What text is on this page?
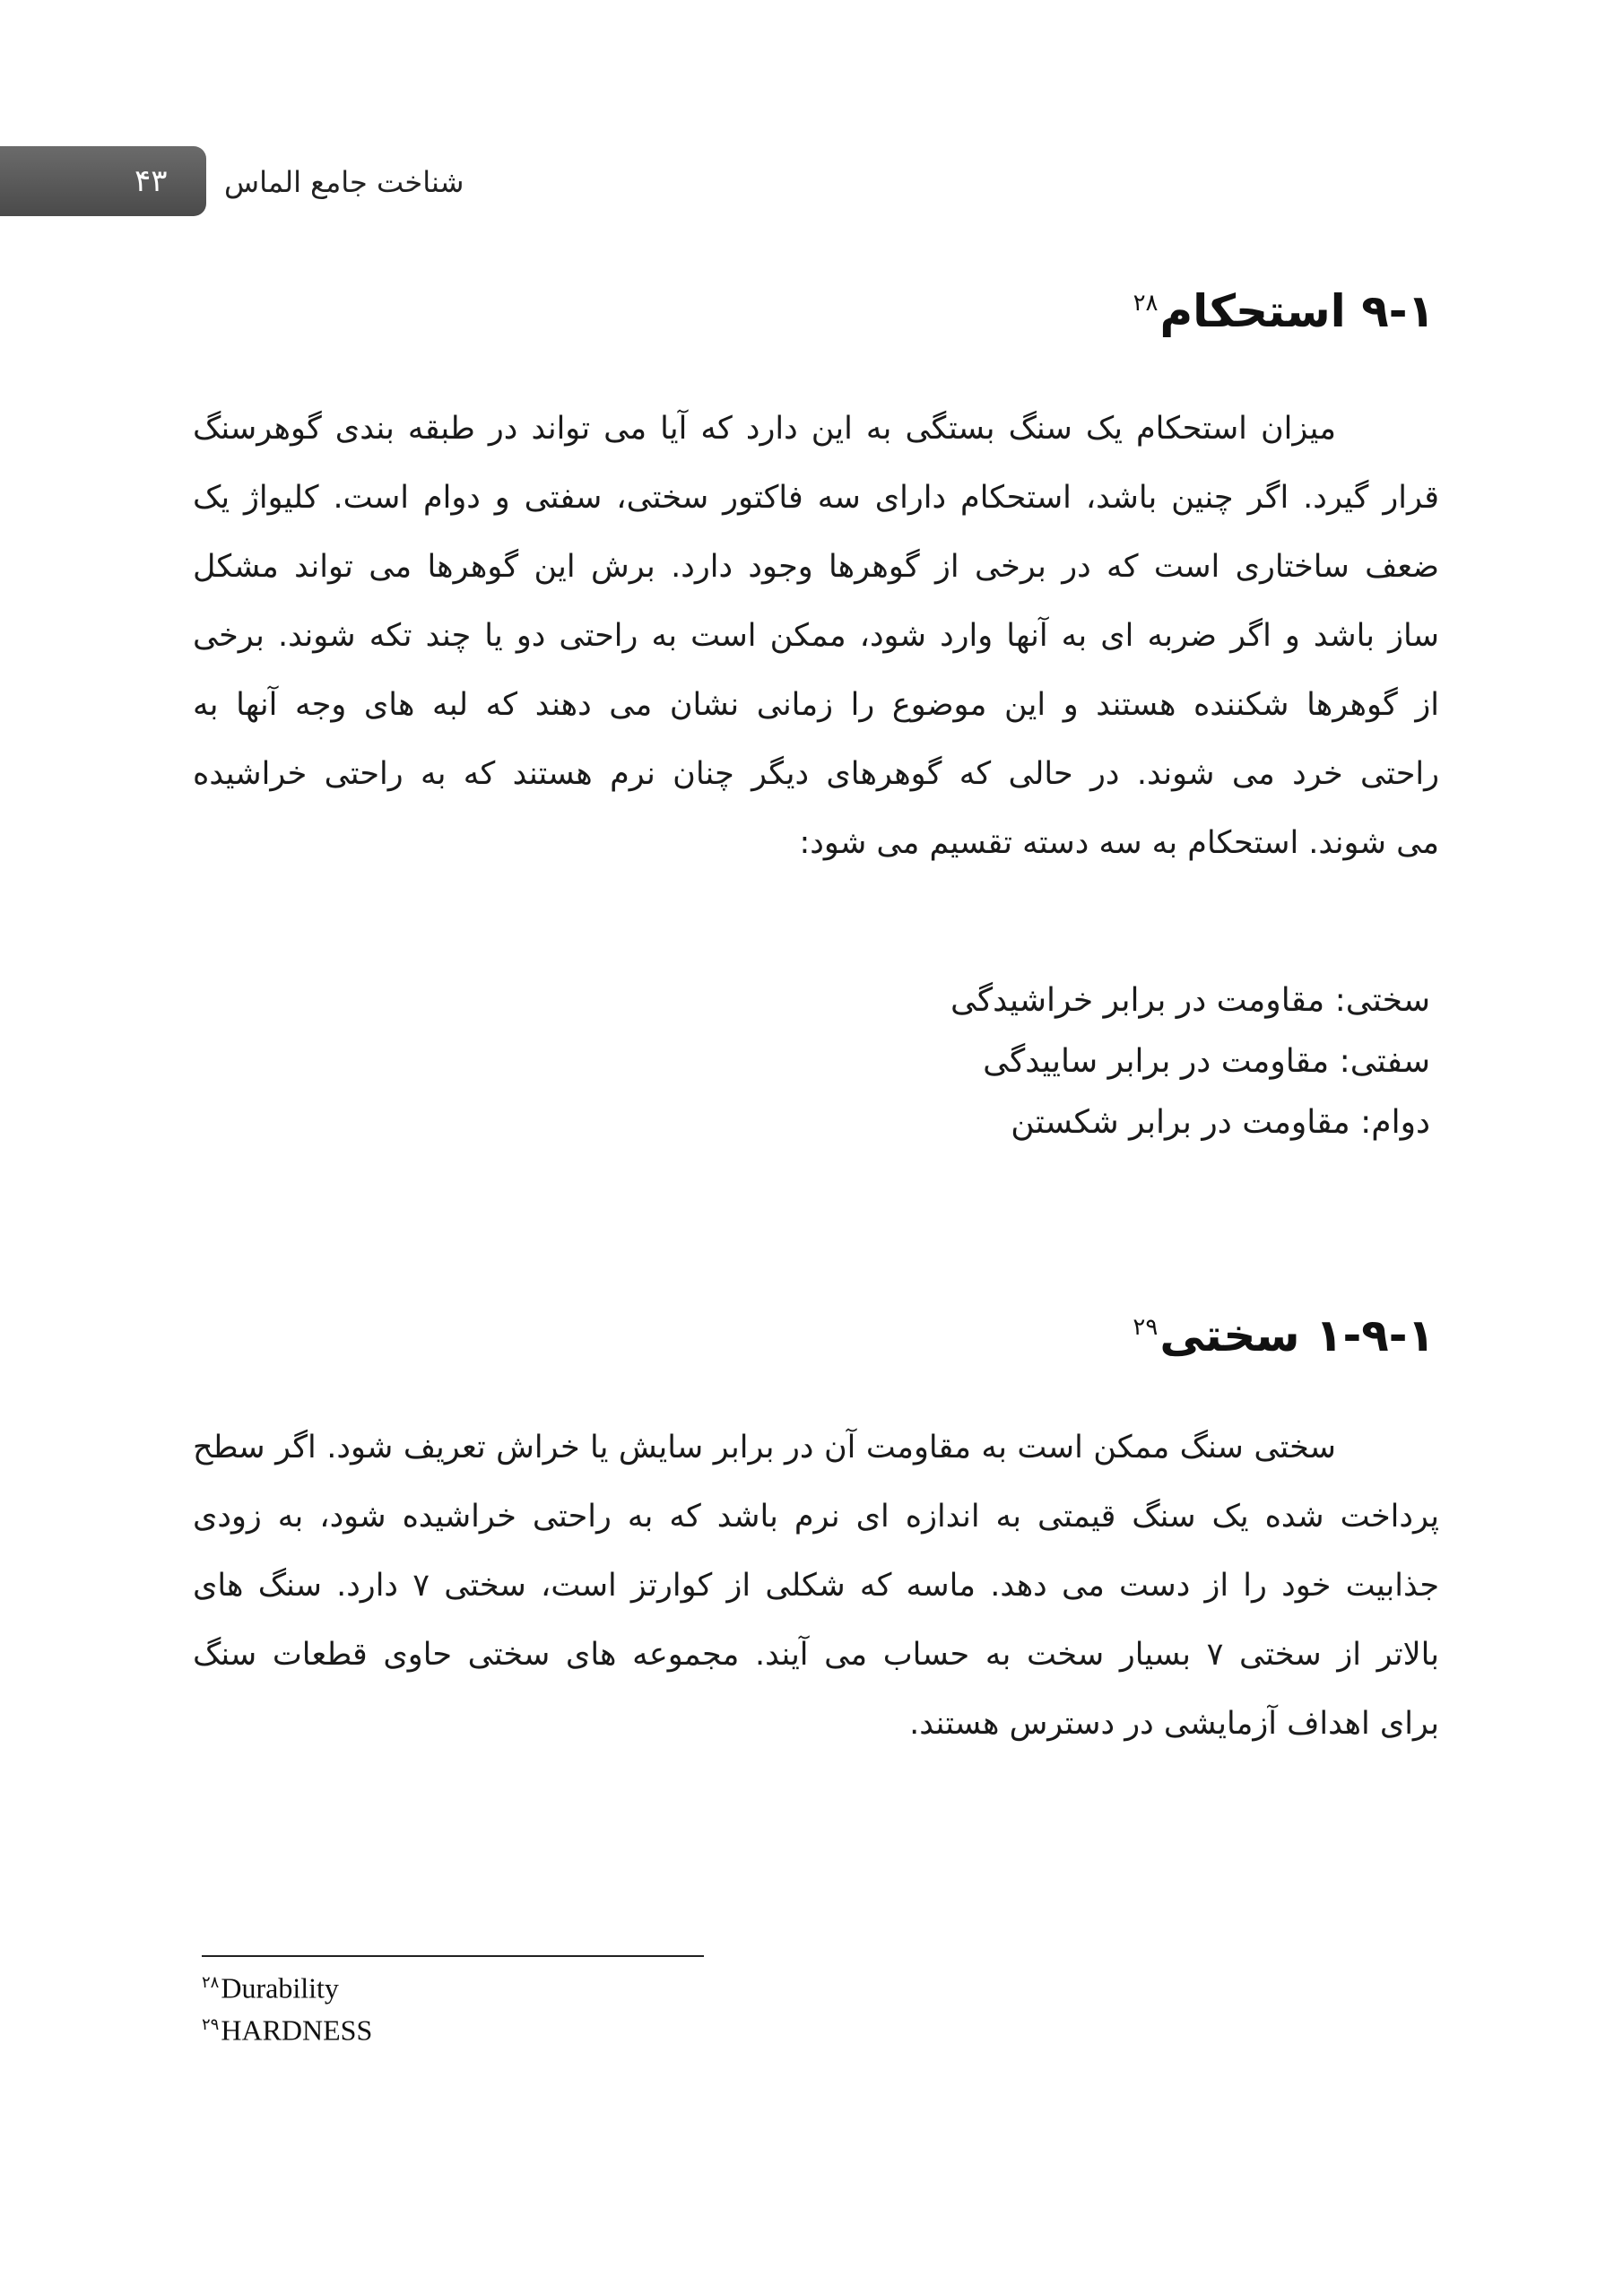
۴۳ شناخت جامع الماس
۹-۱ استحکام$^{۲۸}$
میزان استحکام یک سنگ بستگی به این دارد که آیا می تواند در طبقه بندی گوهرسنگ
قرار گیرد. اگر چنین باشد، استحکام دارای سه فاکتور سختی، سفتی و دوام است. کلیواژ یک
ضعف ساختاری است که در برخی از گوهرها وجود دارد. برش این گوهرها می تواند مشکل
ساز باشد و اگر ضربه ای به آنها وارد شود، ممکن است به راحتی دو یا چند تکه شوند. برخی
از گوهرها شکننده هستند و این موضوع را زمانی نشان می دهند که لبه های وجه آنها به
راحتی خرد می شوند. در حالی که گوهرهای دیگر چنان نرم هستند که به راحتی خراشیده
می شوند. استحکام به سه دسته تقسیم می شود:
سختی: مقاومت در برابر خراشیدگی
سفتی: مقاومت در برابر ساییدگی
دوام: مقاومت در برابر شکستن
۱-۹-۱ سختی$^{۲۹}$
سختی سنگ ممکن است به مقاومت آن در برابر سایش یا خراش تعریف شود. اگر سطح
پرداخت شده یک سنگ قیمتی به اندازه ای نرم باشد که به راحتی خراشیده شود، به زودی
جذابیت خود را از دست می دهد. ماسه که شکلی از کوارتز است، سختی ۷ دارد. سنگ های
بالاتر از سختی ۷ بسیار سخت به حساب می آیند. مجموعه های سختی حاوی قطعات سنگ
برای اهداف آزمایشی در دسترس هستند.
$^{۲۸}$Durability
$^{۲۹}$HARDNESS
